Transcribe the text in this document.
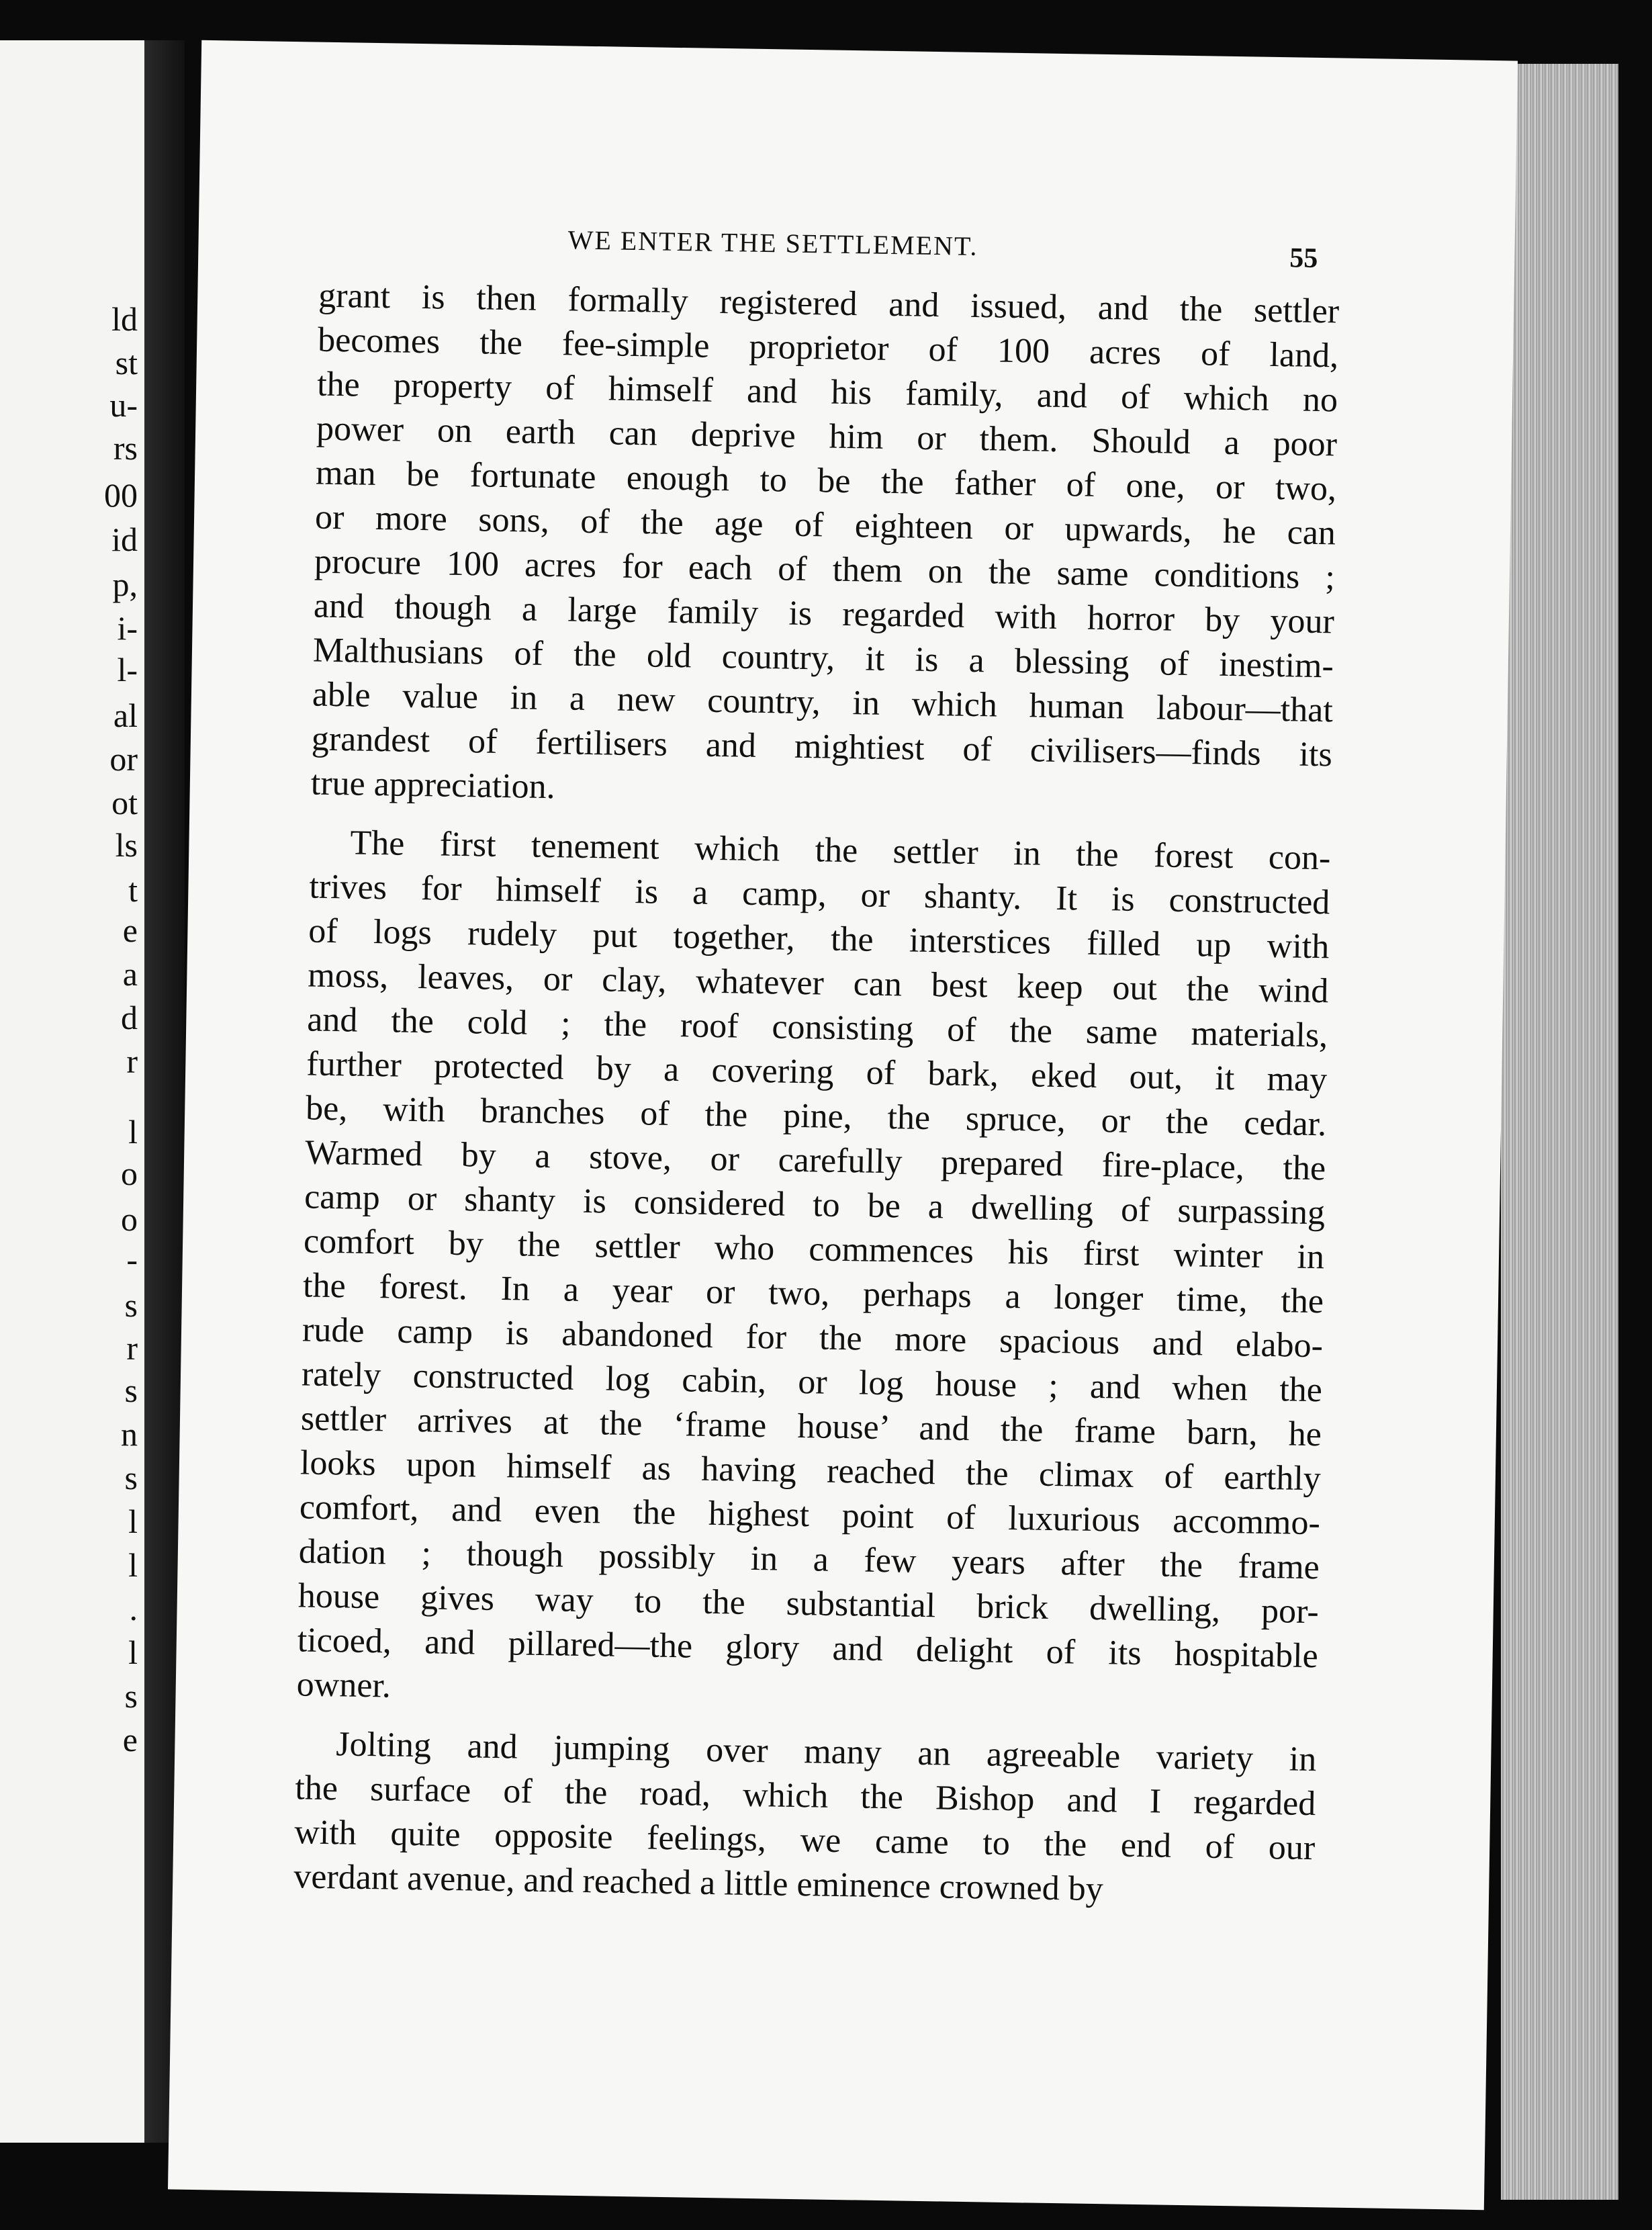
ld
st
u-
rs
00
id
p,
i-
l-
al
or
ot
ls
t
e
a
d
r
l
o
o
-
s
r
s
n
s
l
l
.
l
s
e
WE ENTER THE SETTLEMENT.	55
grant is then formally registered and issued, and the settler
becomes the fee-simple proprietor of 100 acres of land,
the property of himself and his family, and of which no
power on earth can deprive him or them. Should a poor
man be fortunate enough to be the father of one, or two,
or more sons, of the age of eighteen or upwards, he can
procure 100 acres for each of them on the same conditions ;
and though a large family is regarded with horror by your
Malthusians of the old country, it is a blessing of inestim-
able value in a new country, in which human labour—that
grandest of fertilisers and mightiest of civilisers—finds its
true appreciation.
The first tenement which the settler in the forest con-
trives for himself is a camp, or shanty. It is constructed
of logs rudely put together, the interstices filled up with
moss, leaves, or clay, whatever can best keep out the wind
and the cold ; the roof consisting of the same materials,
further protected by a covering of bark, eked out, it may
be, with branches of the pine, the spruce, or the cedar.
Warmed by a stove, or carefully prepared fire-place, the
camp or shanty is considered to be a dwelling of surpassing
comfort by the settler who commences his first winter in
the forest. In a year or two, perhaps a longer time, the
rude camp is abandoned for the more spacious and elabo-
rately constructed log cabin, or log house ; and when the
settler arrives at the ‘frame house’ and the frame barn, he
looks upon himself as having reached the climax of earthly
comfort, and even the highest point of luxurious accommo-
dation ; though possibly in a few years after the frame
house gives way to the substantial brick dwelling, por-
ticoed, and pillared—the glory and delight of its hospitable
owner.
Jolting and jumping over many an agreeable variety in
the surface of the road, which the Bishop and I regarded
with quite opposite feelings, we came to the end of our
verdant avenue, and reached a little eminence crowned by
